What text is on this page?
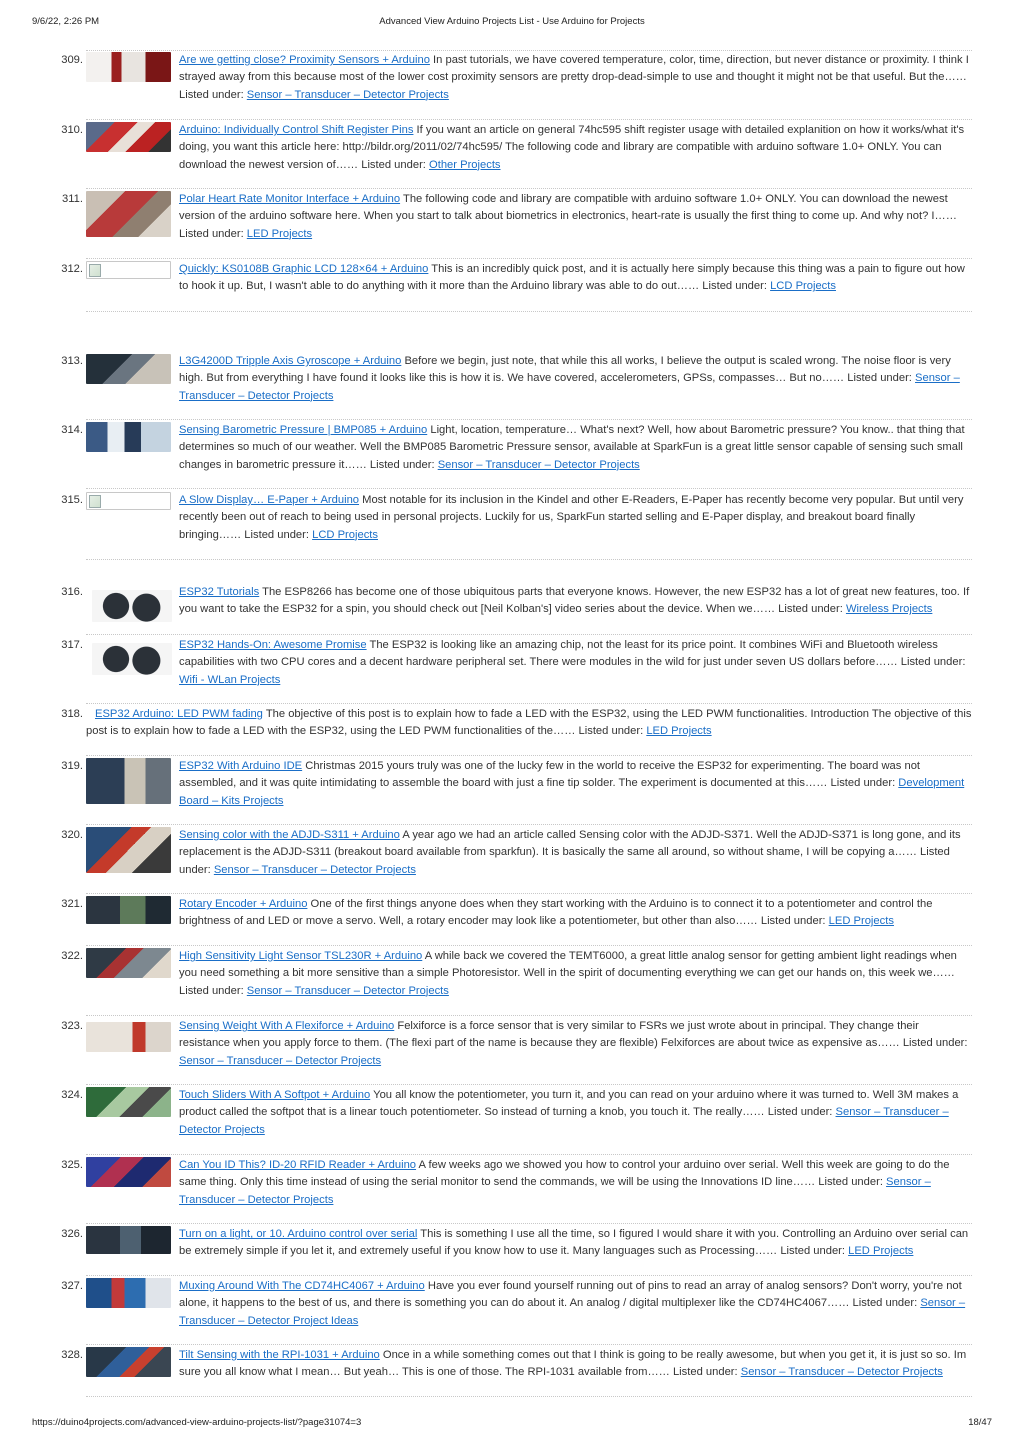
9/6/22, 2:26 PM	Advanced View Arduino Projects List - Use Arduino for Projects
309.	Are we getting close? Proximity Sensors + Arduino In past tutorials, we have covered temperature, color, time, direction, but never distance or proximity. I think I strayed away from this because most of the lower cost proximity sensors are pretty drop-dead-simple to use and thought it might not be that useful. But the…… Listed under: Sensor – Transducer – Detector Projects
310.	Arduino: Individually Control Shift Register Pins If you want an article on general 74hc595 shift register usage with detailed explanition on how it works/what it's doing, you want this article here: http://bildr.org/2011/02/74hc595/ The following code and library are compatible with arduino software 1.0+ ONLY. You can download the newest version of…… Listed under: Other Projects
311.	Polar Heart Rate Monitor Interface + Arduino The following code and library are compatible with arduino software 1.0+ ONLY. You can download the newest version of the arduino software here. When you start to talk about biometrics in electronics, heart-rate is usually the first thing to come up. And why not? I…… Listed under: LED Projects
312.	Quickly: KS0108B Graphic LCD 128×64 + Arduino This is an incredibly quick post, and it is actually here simply because this thing was a pain to figure out how to hook it up. But, I wasn't able to do anything with it more than the Arduino library was able to do out…… Listed under: LCD Projects
313.	L3G4200D Tripple Axis Gyroscope + Arduino Before we begin, just note, that while this all works, I believe the output is scaled wrong. The noise floor is very high. But from everything I have found it looks like this is how it is. We have covered, accelerometers, GPSs, compasses… But no…… Listed under: Sensor – Transducer – Detector Projects
314.	Sensing Barometric Pressure | BMP085 + Arduino Light, location, temperature… What's next? Well, how about Barometric pressure? You know.. that thing that determines so much of our weather. Well the BMP085 Barometric Pressure sensor, available at SparkFun is a great little sensor capable of sensing such small changes in barometric pressure it…… Listed under: Sensor – Transducer – Detector Projects
315.	A Slow Display… E-Paper + Arduino Most notable for its inclusion in the Kindel and other E-Readers, E-Paper has recently become very popular. But until very recently been out of reach to being used in personal projects. Luckily for us, SparkFun started selling and E-Paper display, and breakout board finally bringing…… Listed under: LCD Projects
316.	ESP32 Tutorials The ESP8266 has become one of those ubiquitous parts that everyone knows. However, the new ESP32 has a lot of great new features, too. If you want to take the ESP32 for a spin, you should check out [Neil Kolban's] video series about the device. When we…… Listed under: Wireless Projects
317.	ESP32 Hands-On: Awesome Promise The ESP32 is looking like an amazing chip, not the least for its price point. It combines WiFi and Bluetooth wireless capabilities with two CPU cores and a decent hardware peripheral set. There were modules in the wild for just under seven US dollars before…… Listed under: Wifi - WLan Projects
318.	ESP32 Arduino: LED PWM fading The objective of this post is to explain how to fade a LED with the ESP32, using the LED PWM functionalities. Introduction The objective of this post is to explain how to fade a LED with the ESP32, using the LED PWM functionalities of the…… Listed under: LED Projects
319.	ESP32 With Arduino IDE Christmas 2015 yours truly was one of the lucky few in the world to receive the ESP32 for experimenting. The board was not assembled, and it was quite intimidating to assemble the board with just a fine tip solder. The experiment is documented at this…… Listed under: Development Board – Kits Projects
320.	Sensing color with the ADJD-S311 + Arduino A year ago we had an article called Sensing color with the ADJD-S371. Well the ADJD-S371 is long gone, and its replacement is the ADJD-S311 (breakout board available from sparkfun). It is basically the same all around, so without shame, I will be copying a…… Listed under: Sensor – Transducer – Detector Projects
321.	Rotary Encoder + Arduino One of the first things anyone does when they start working with the Arduino is to connect it to a potentiometer and control the brightness of and LED or move a servo. Well, a rotary encoder may look like a potentiometer, but other than also…… Listed under: LED Projects
322.	High Sensitivity Light Sensor TSL230R + Arduino A while back we covered the TEMT6000, a great little analog sensor for getting ambient light readings when you need something a bit more sensitive than a simple Photoresistor. Well in the spirit of documenting everything we can get our hands on, this week we…… Listed under: Sensor – Transducer – Detector Projects
323.	Sensing Weight With A Flexiforce + Arduino Felxiforce is a force sensor that is very similar to FSRs we just wrote about in principal. They change their resistance when you apply force to them. (The flexi part of the name is because they are flexible) Felxiforces are about twice as expensive as…… Listed under: Sensor – Transducer – Detector Projects
324.	Touch Sliders With A Softpot + Arduino You all know the potentiometer, you turn it, and you can read on your arduino where it was turned to. Well 3M makes a product called the softpot that is a linear touch potentiometer. So instead of turning a knob, you touch it. The really…… Listed under: Sensor – Transducer – Detector Projects
325.	Can You ID This? ID-20 RFID Reader + Arduino A few weeks ago we showed you how to control your arduino over serial. Well this week are going to do the same thing. Only this time instead of using the serial monitor to send the commands, we will be using the Innovations ID line…… Listed under: Sensor – Transducer – Detector Projects
326.	Turn on a light, or 10. Arduino control over serial This is something I use all the time, so I figured I would share it with you. Controlling an Arduino over serial can be extremely simple if you let it, and extremely useful if you know how to use it. Many languages such as Processing…… Listed under: LED Projects
327.	Muxing Around With The CD74HC4067 + Arduino Have you ever found yourself running out of pins to read an array of analog sensors? Don't worry, you're not alone, it happens to the best of us, and there is something you can do about it. An analog / digital multiplexer like the CD74HC4067…… Listed under: Sensor – Transducer – Detector Project Ideas
328.	Tilt Sensing with the RPI-1031 + Arduino Once in a while something comes out that I think is going to be really awesome, but when you get it, it is just so so. Im sure you all know what I mean… But yeah… This is one of those. The RPI-1031 available from…… Listed under: Sensor – Transducer – Detector Projects
https://duino4projects.com/advanced-view-arduino-projects-list/?page31074=3	18/47
